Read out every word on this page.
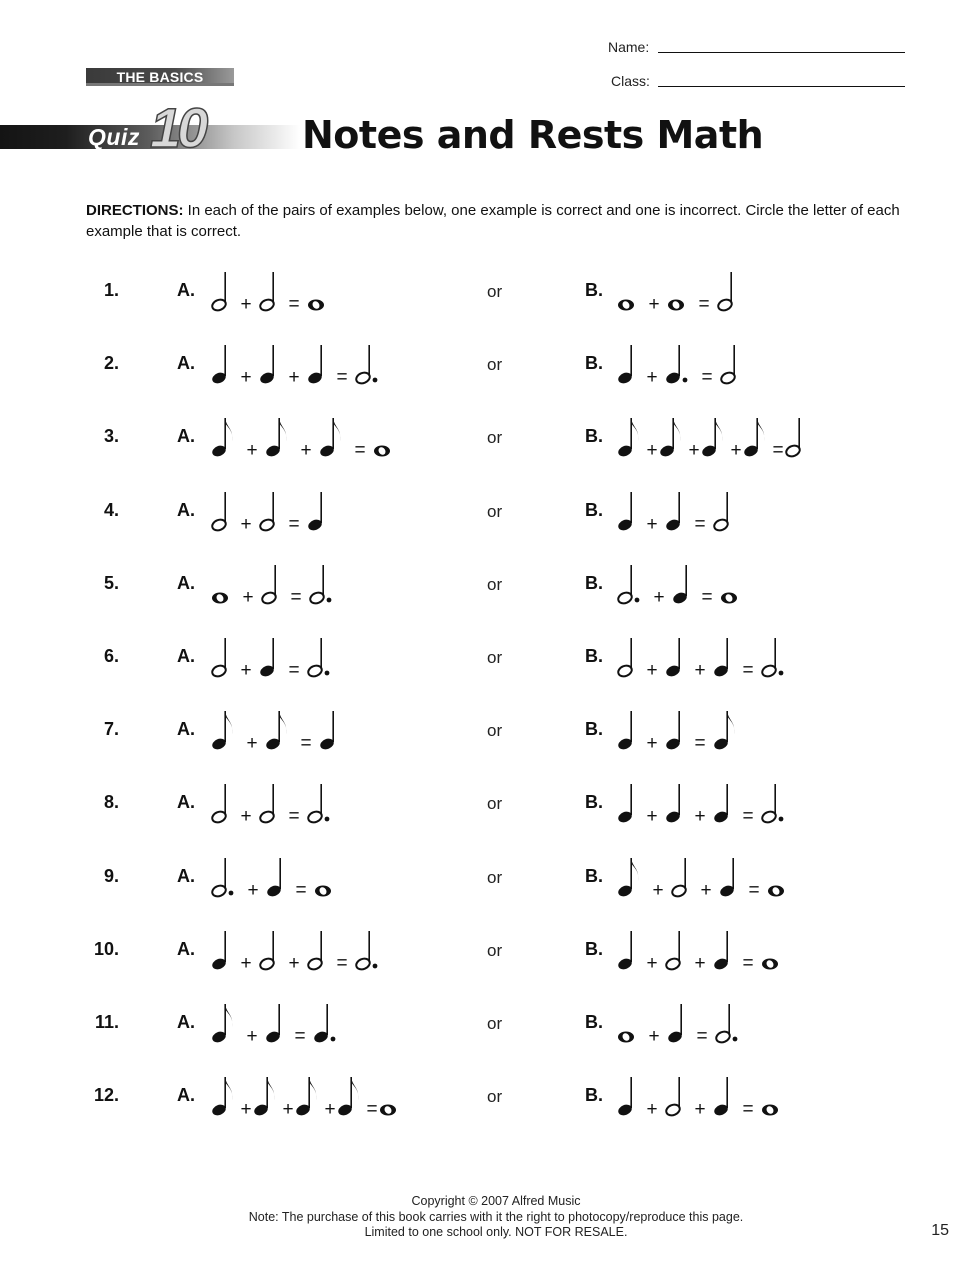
Name:
Class:
THE BASICS
10
Quiz	Notes and Rests Math
DIRECTIONS: In each of the pairs of examples below, one example is correct and one is incorrect. Circle the letter of each example that is correct.
1.	A.
+ =
or	B.
+ =
2.	A.
+ + =
or	B.
+ =
3.	A.
+ + =
or	B.
+ + + =
4.	A.
+ =
or	B.
+ =
5.	A.
+ =
or	B.
+ =
6.	A.
+ =
or	B.
+ + =
7.	A.
+ =
or	B.
+ =
8.	A.
+ =
or	B.
+ + =
9.	A.
+ =
or	B.
+ + =
10.	A.
+ + =
or	B.
+ + =
11.	A.
+ =
or	B.
+ =
12.	A.
+ + + =
or	B.
+ + =
Copyright © 2007 Alfred Music
Note: The purchase of this book carries with it the right to photocopy/reproduce this page.
Limited to one school only. NOT FOR RESALE.	15
